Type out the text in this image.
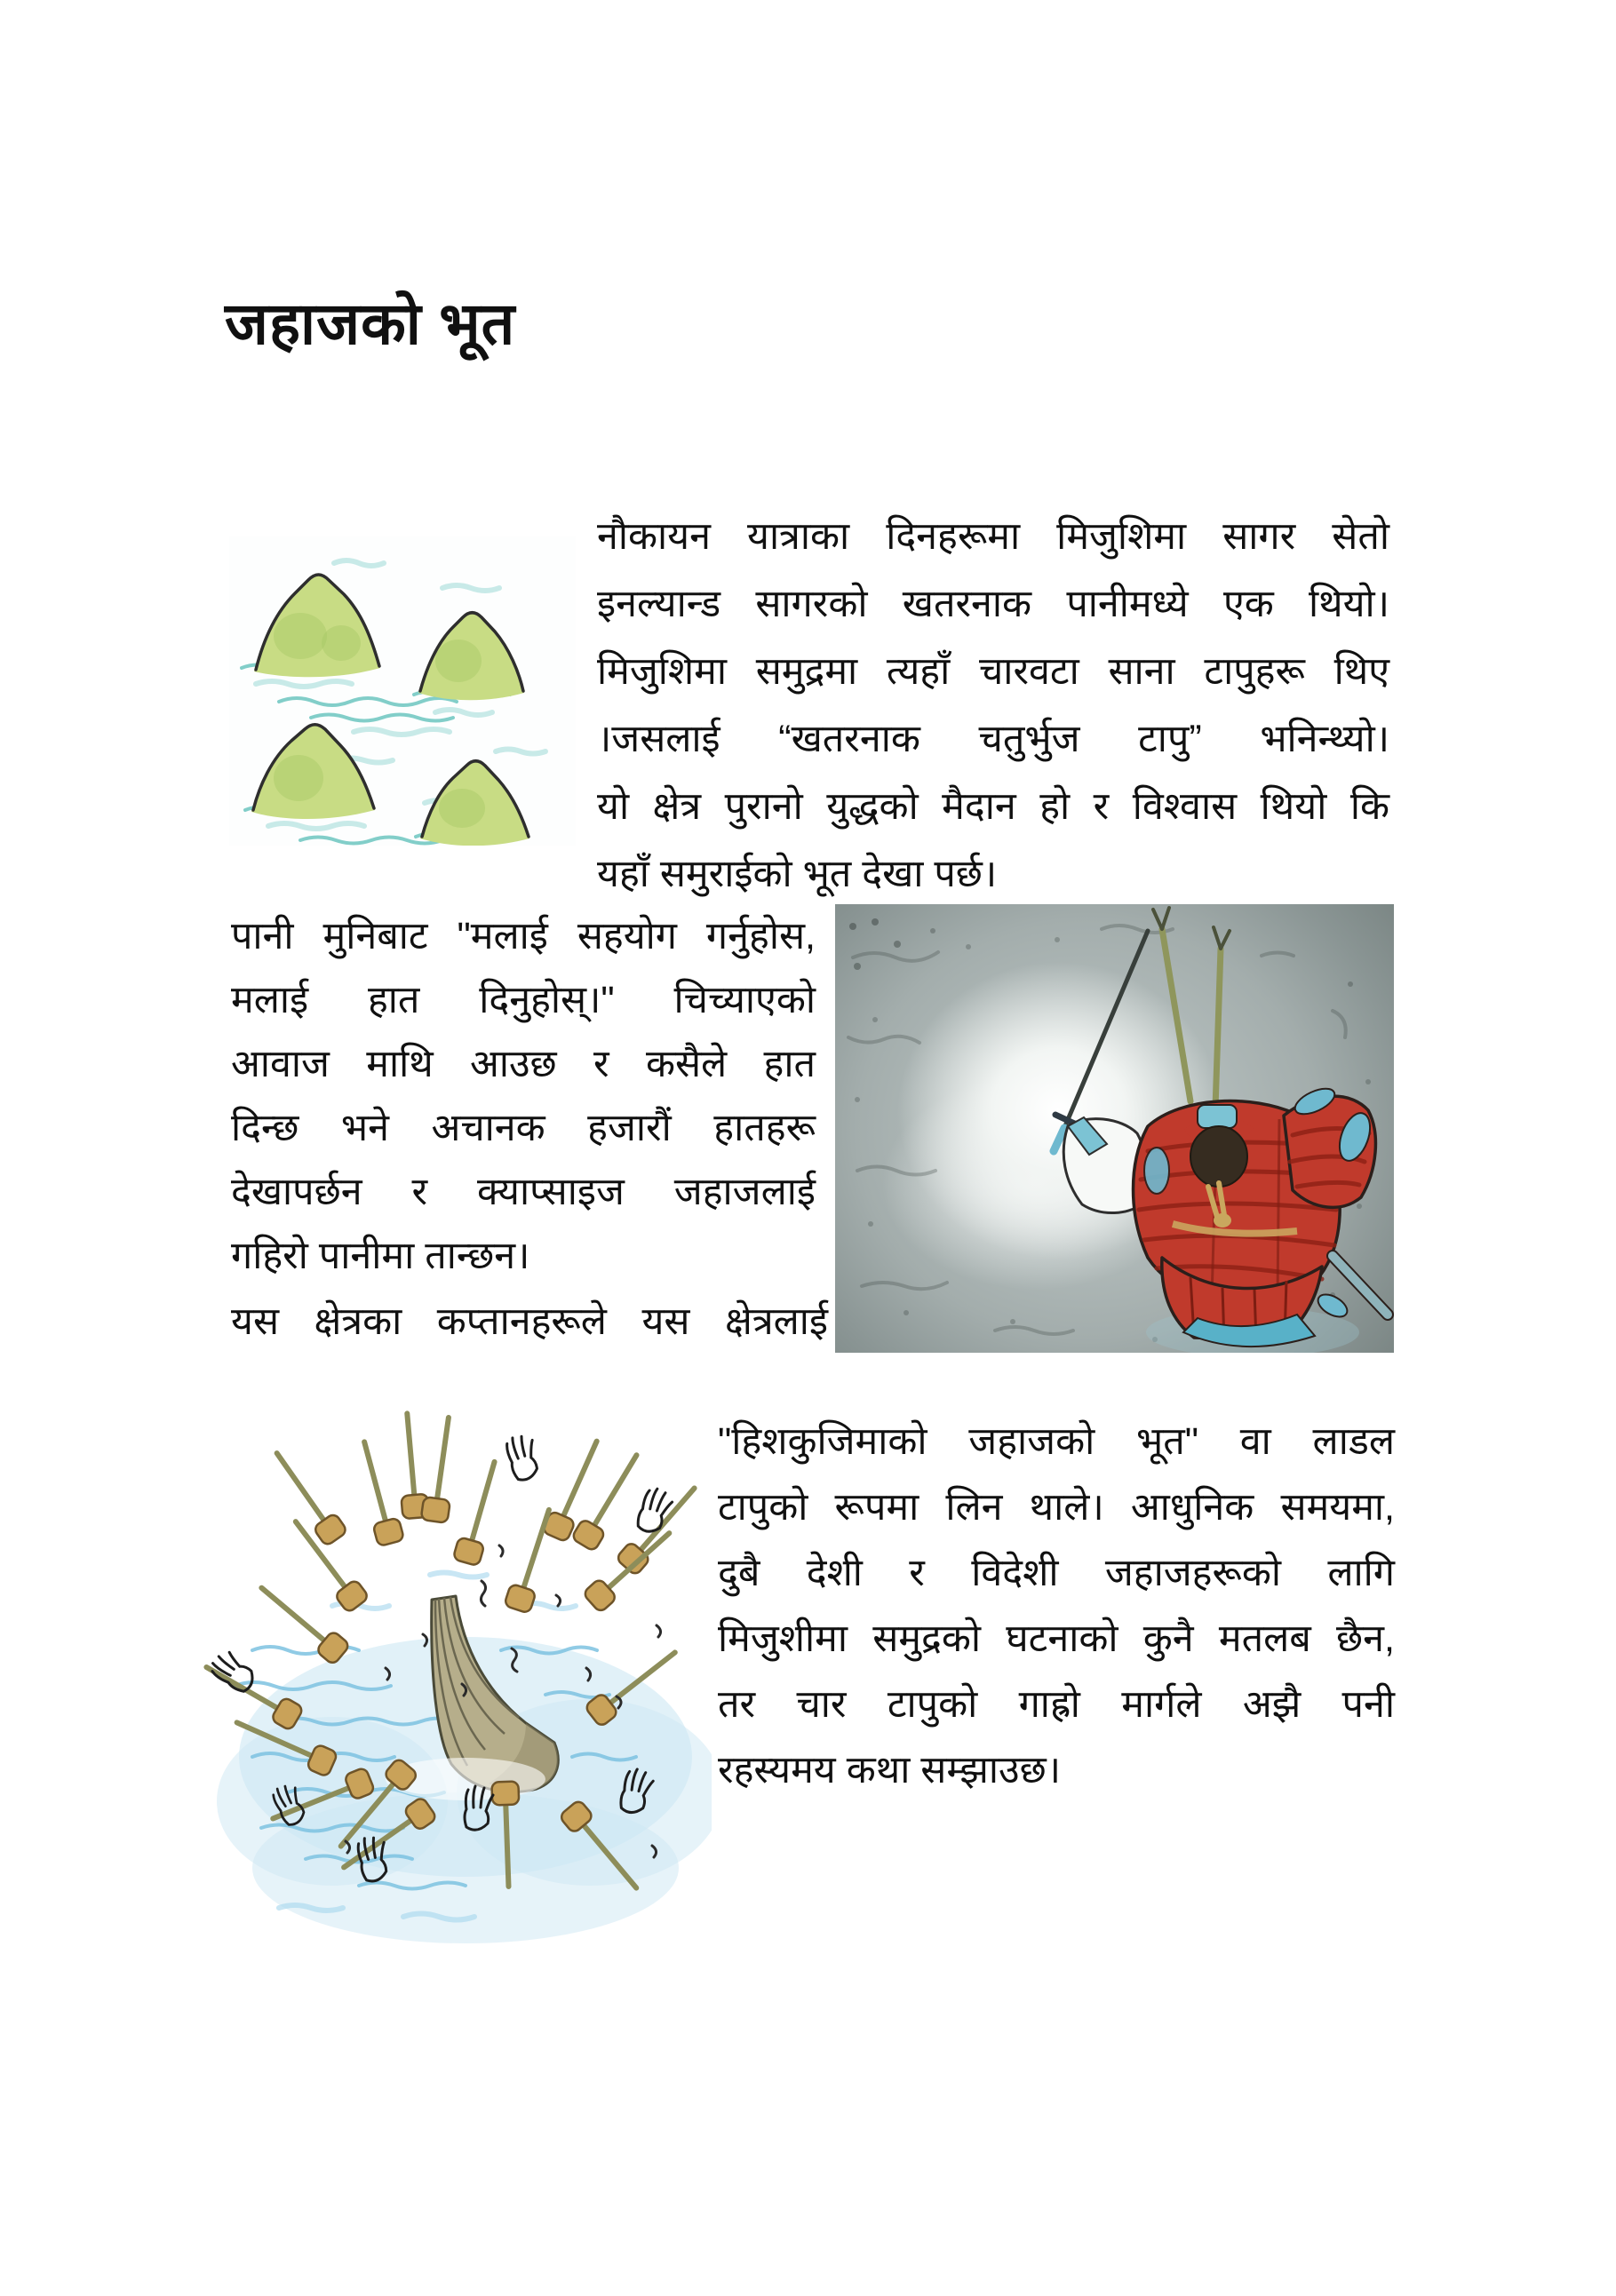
जहाजको भूत
नौकायन यात्राका दिनहरूमा मिजुशिमा सागर सेतो
इनल्यान्ड सागरको खतरनाक पानीमध्ये एक थियो।
मिजुशिमा समुद्रमा त्यहाँ चारवटा साना टापुहरू थिए
।जसलाई “खतरनाक चतुर्भुज टापु” भनिन्थ्यो।
यो क्षेत्र पुरानो युद्धको मैदान हो र विश्वास थियो कि
यहाँ समुराईको भूत देखा पर्छ।
पानी मुनिबाट "मलाई सहयोग गर्नुहोस,
मलाई हात दिनुहोस्।" चिच्याएको
आवाज माथि आउछ र कसैले हात
दिन्छ भने अचानक हजारौं हातहरू
देखापर्छन र क्याप्साइज जहाजलाई
गहिरो पानीमा तान्छन।
यस क्षेत्रका कप्तानहरूले यस क्षेत्रलाई
"हिशकुजिमाको जहाजको भूत" वा लाडल
टापुको रूपमा लिन थाले। आधुनिक समयमा,
दुबै देशी र विदेशी जहाजहरूको लागि
मिजुशीमा समुद्रको घटनाको कुनै मतलब छैन,
तर चार टापुको गाह्रो मार्गले अझै पनी
रहस्यमय कथा सम्झाउछ।
